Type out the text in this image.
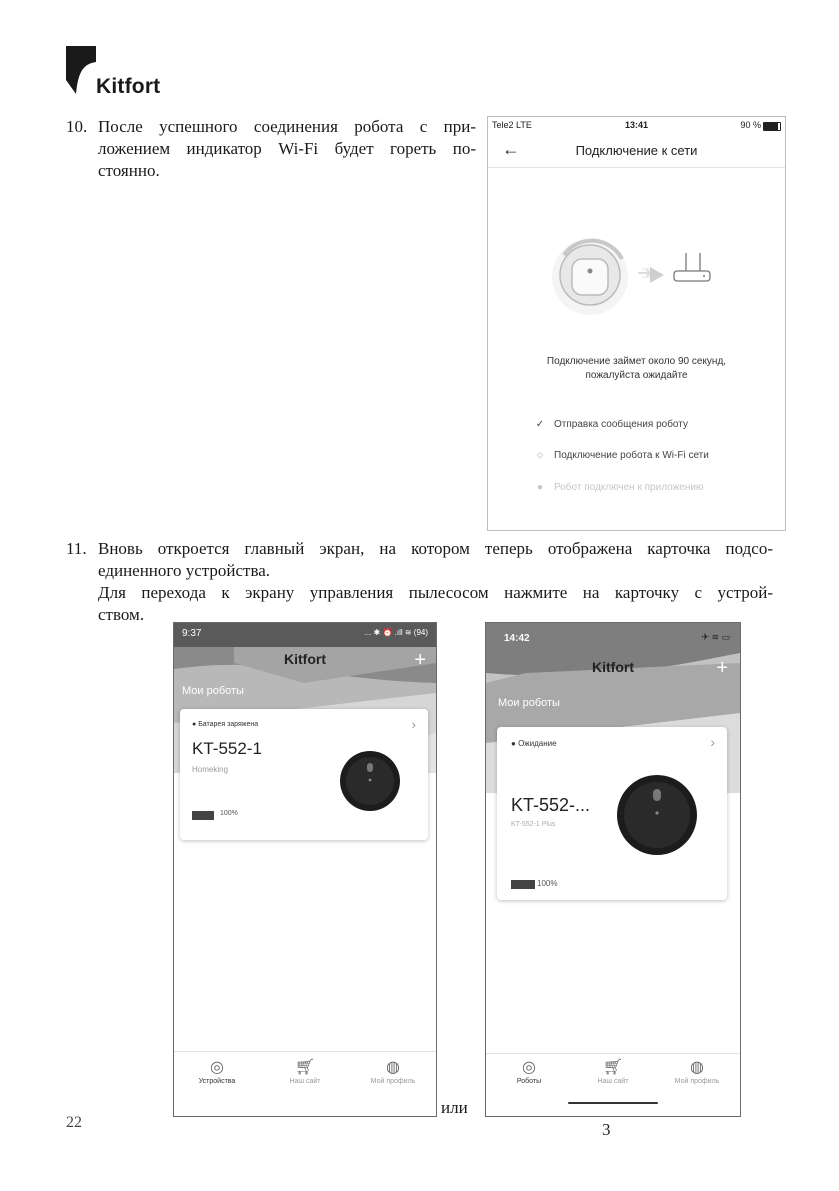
Kitfort
10. После успешного соединения робота с при-
ложением индикатор Wi-Fi будет гореть по-
стоянно.
Tele2 LTE	13:41	90 %
←	Подключение к сети
Подключение займет около 90 секунд,
пожалуйста ожидайте
✓ Отправка сообщения роботу
◌ Подключение робота к Wi-Fi сети
● Робот подключен к приложению
11. Вновь откроется главный экран, на котором теперь отображена карточка подсо-
единенного устройства.
Для перехода к экрану управления пылесосом нажмите на карточку с устрой-
ством.
9:37	... ✱ ⏰ .ıll ≋ (94)
Kitfort	+
Мои роботы
● Батарея заряжена	›
KT-552-1
Homeking
100%
◎
Устройства
🛒︎
Наш сайт
◍
Мой профиль
или
14:42	✈ ≋ ▭
Kitfort	+
Мои роботы
● Ожидание	›
KT-552-...
KT-552-1 Plus
100%
◎
Роботы
🛒︎
Наш сайт
◍
Мой профиль
22	3
